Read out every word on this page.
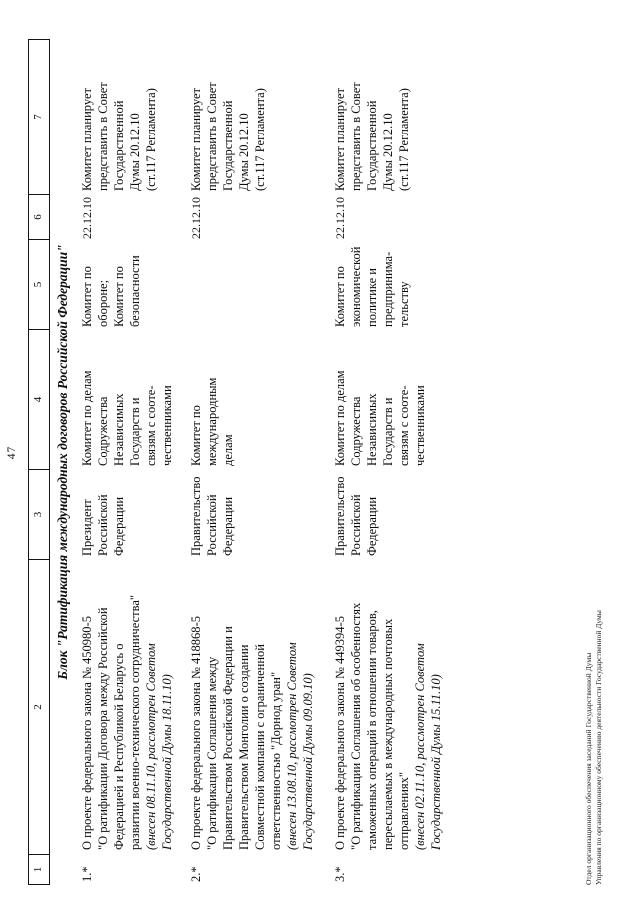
47
1
2
3
4
5
6
7
Блок "Ратификация международных договоров Российской Федерации"
1.*
О проекте федерального закона № 450980-5 "О ратификации Договора между Российской Федерацией и Республикой Беларусь о развитии военно-технического сотрудничества" (внесен 08.11.10, рассмотрен Советом Государственной Думы 18.11.10)
Президент Российской Федерации
Комитет по делам Содружества Независимых Государств и связям с сооте- чественниками
Комитет по обороне; Комитет по безопасности
22.12.10
Комитет планирует представить в Совет Государственной Думы 20.12.10 (ст.117 Регламента)
2.*
О проекте федерального закона № 418868-5 "О ратификации Соглашения между Правительством Российской Федерации и Правительством Монголии о создании Совместной компании с ограниченной ответственностью "Дорнод уран" (внесен 13.08.10, рассмотрен Советом Государственной Думы 09.09.10)
Правительство Российской Федерации
Комитет по международным делам
22.12.10
Комитет планирует представить в Совет Государственной Думы 20.12.10 (ст.117 Регламента)
3.*
О проекте федерального закона № 449394-5 "О ратификации Соглашения об особенностях таможенных операций в отношении товаров, пересылаемых в международных почтовых отправлениях" (внесен 02.11.10, рассмотрен Советом Государственной Думы 15.11.10)
Правительство Российской Федерации
Комитет по делам Содружества Независимых Государств и связям с сооте- чественниками
Комитет по экономической политике и предпринима- тельству
22.12.10
Комитет планирует представить в Совет Государственной Думы 20.12.10 (ст.117 Регламента)
Отдел организационного обеспечения заседаний Государственной Думы Управления по организационному обеспечению деятельности Государственной Думы
